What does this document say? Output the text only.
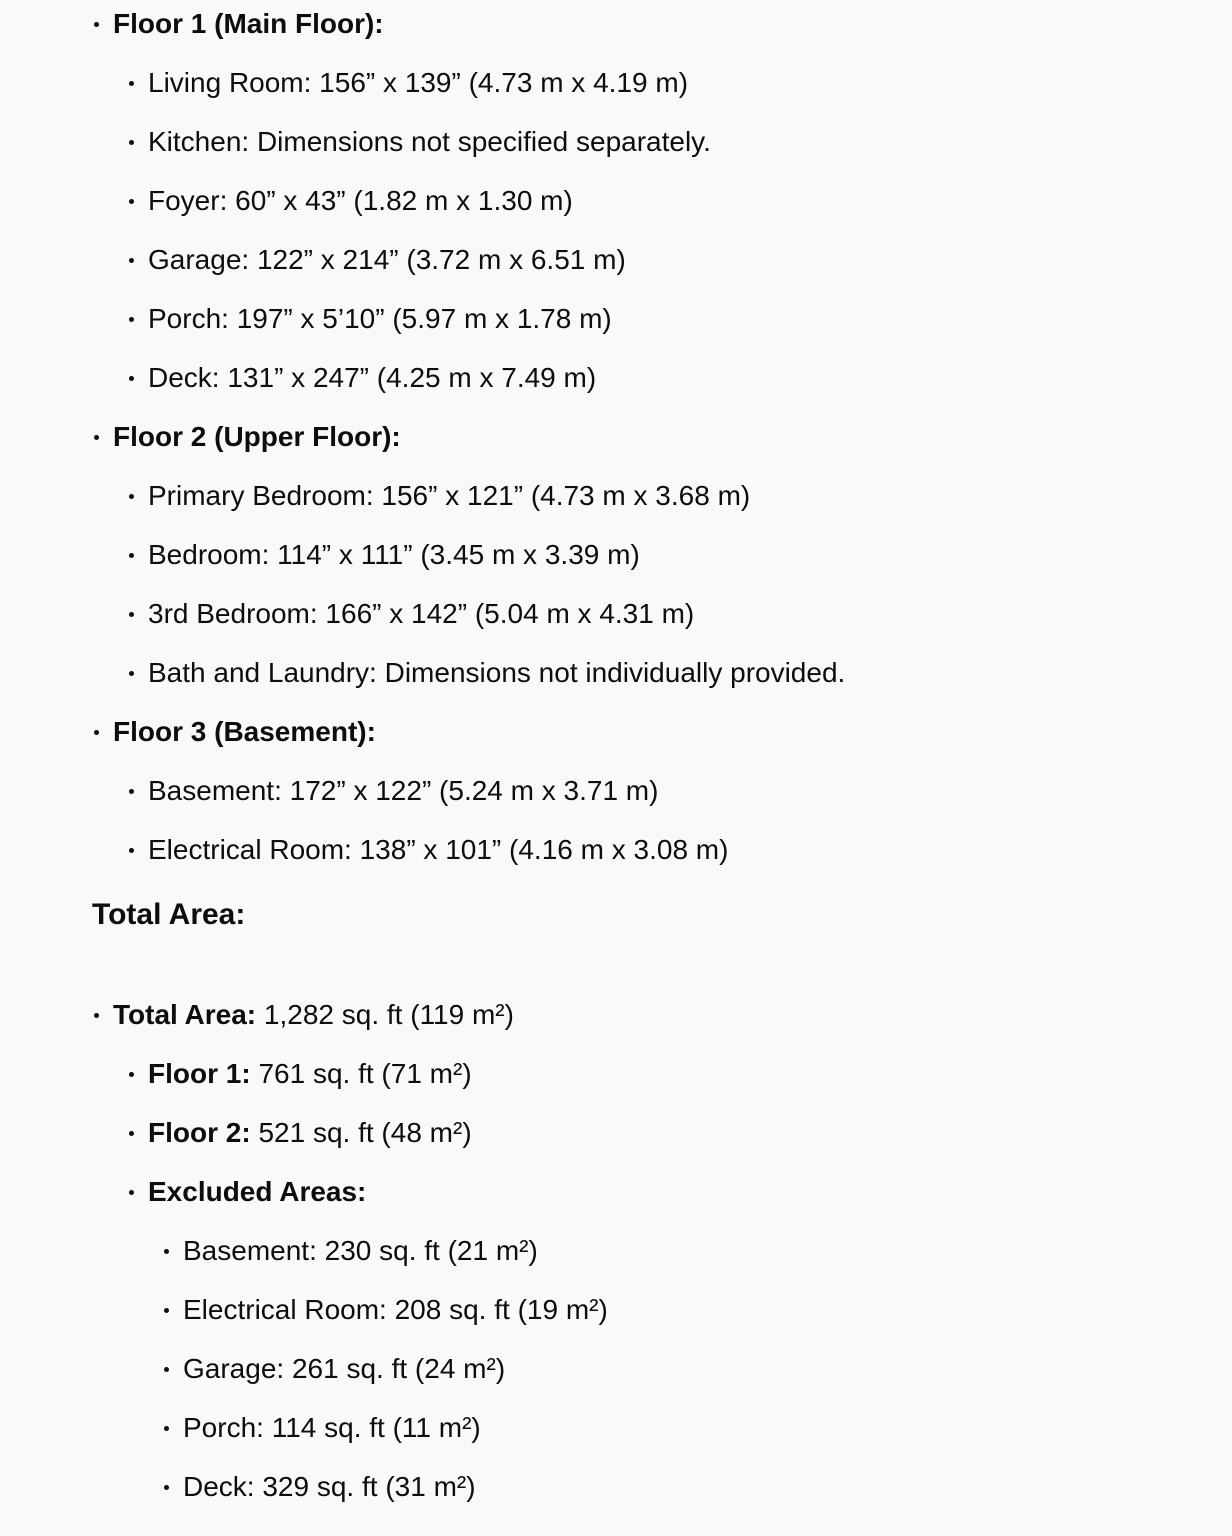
Floor 1 (Main Floor):
Living Room: 156” x 139” (4.73 m x 4.19 m)
Kitchen: Dimensions not specified separately.
Foyer: 60” x 43” (1.82 m x 1.30 m)
Garage: 122” x 214” (3.72 m x 6.51 m)
Porch: 197” x 5’10” (5.97 m x 1.78 m)
Deck: 131” x 247” (4.25 m x 7.49 m)
Floor 2 (Upper Floor):
Primary Bedroom: 156” x 121” (4.73 m x 3.68 m)
Bedroom: 114” x 111” (3.45 m x 3.39 m)
3rd Bedroom: 166” x 142” (5.04 m x 4.31 m)
Bath and Laundry: Dimensions not individually provided.
Floor 3 (Basement):
Basement: 172” x 122” (5.24 m x 3.71 m)
Electrical Room: 138” x 101” (4.16 m x 3.08 m)
Total Area:
Total Area: 1,282 sq. ft (119 m²)
Floor 1: 761 sq. ft (71 m²)
Floor 2: 521 sq. ft (48 m²)
Excluded Areas:
Basement: 230 sq. ft (21 m²)
Electrical Room: 208 sq. ft (19 m²)
Garage: 261 sq. ft (24 m²)
Porch: 114 sq. ft (11 m²)
Deck: 329 sq. ft (31 m²)
